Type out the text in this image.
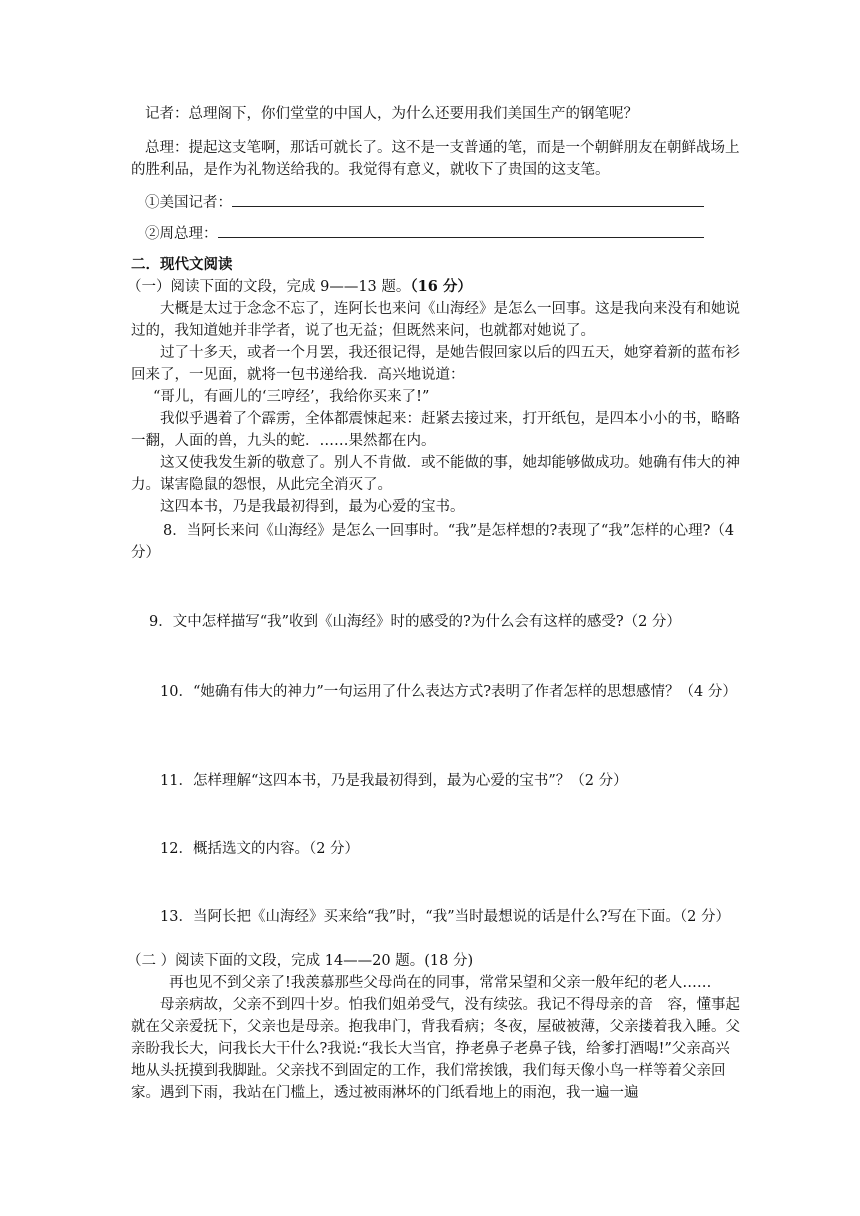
记者：总理阁下，你们堂堂的中国人，为什么还要用我们美国生产的钢笔呢？

总理：提起这支笔啊，那话可就长了。这不是一支普通的笔，而是一个朝鲜朋友在朝鲜战场上的胜利品，是作为礼物送给我的。我觉得有意义，就收下了贵国的这支笔。

①美国记者：
②周总理：

二．现代文阅读

（一）阅读下面的文段，完成 9——13 题。（16 分）

大概是太过于念念不忘了，连阿长也来问《山海经》是怎么一回事。这是我向来没有和她说过的，我知道她并非学者，说了也无益；但既然来问，也就都对她说了。

过了十多天，或者一个月罢，我还很记得，是她告假回家以后的四五天，她穿着新的蓝布衫回来了，一见面，就将一包书递给我．高兴地说道：

“哥儿，有画儿的‘三哼经’，我给你买来了!”

我似乎遇着了个霹雳，全体都震悚起来：赶紧去接过来，打开纸包，是四本小小的书，略略一翻，人面的兽，九头的蛇．……果然都在内。

这又使我发生新的敬意了。别人不肯做．或不能做的事，她却能够做成功。她确有伟大的神力。谋害隐鼠的怨恨，从此完全消灭了。

这四本书，乃是我最初得到，最为心爱的宝书。

8．当阿长来问《山海经》是怎么一回事时。“我”是怎样想的?表现了“我”怎样的心理?（4 分）

9．文中怎样描写“我”收到《山海经》时的感受的?为什么会有这样的感受?（2 分）

10．“她确有伟大的神力”一句运用了什么表达方式?表明了作者怎样的思想感情？（4 分）

11．怎样理解“这四本书，乃是我最初得到，最为心爱的宝书”？（2 分）

12．概括选文的内容。（2 分）

13．当阿长把《山海经》买来给“我”时，“我”当时最想说的话是什么?写在下面。（2 分）

（二 ）阅读下面的文段，完成 14——20 题。(18 分)

再也见不到父亲了!我羡慕那些父母尚在的同事，常常呆望和父亲一般年纪的老人……

母亲病故，父亲不到四十岁。怕我们姐弟受气，没有续弦。我记不得母亲的音　容，懂事起就在父亲爱抚下，父亲也是母亲。抱我串门，背我看病；冬夜，屋破被薄，父亲搂着我入睡。父亲盼我长大，问我长大干什么?我说:“我长大当官，挣老鼻子老鼻子钱，给爹打酒喝!”父亲高兴地从头抚摸到我脚趾。父亲找不到固定的工作，我们常挨饿，我们每天像小鸟一样等着父亲回家。遇到下雨，我站在门槛上，透过被雨淋坏的门纸看地上的雨泡，我一遍一遍
